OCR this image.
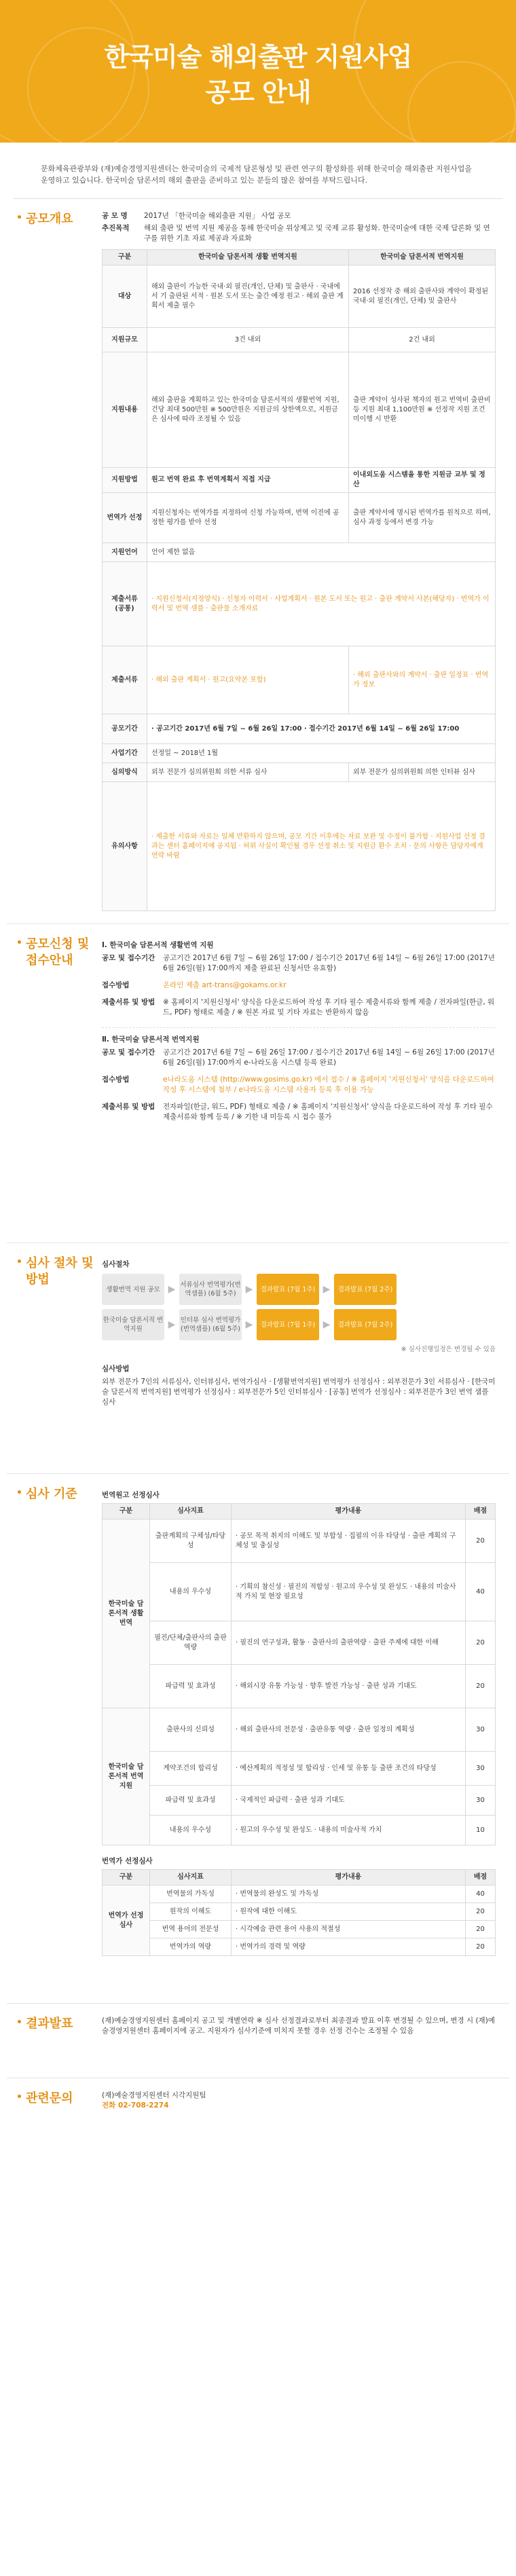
한국미술 해외출판 지원사업
공모 안내

문화체육관광부와 (재)예술경영지원센터는 한국미술의 국제적 담론형성 및 관련 연구의 활성화를 위해 한국미술 해외출판 지원사업을 운영하고 있습니다. 한국미술 담론서의 해외 출판을 준비하고 있는 분들의 많은 참여를 부탁드립니다.

공모개요	공 모 명	2017년 「한국미술 해외출판 지원」 사업 공모
추진목적	해외 출판 및 번역 지원 제공을 통해 한국미술 위상제고 및 국제 교류 활성화. 한국미술에 대한 국제 담론화 및 연구를 위한 기초 자료 제공과 자료화
구분	한국미술 담론서적 생활 번역지원	한국미술 담론서적 번역지원
대상	해외 출판이 가능한 국내·외 필진(개인, 단체) 및 출판사 · 국내에서 기 출판된 서적 · 원본 도서 또는 출간 예정 원고 · 해외 출판 계획서 제출 필수	2016 선정작 중 해외 출판사와 계약이 확정된 국내·외 필진(개인, 단체) 및 출판사
지원규모	3건 내외	2건 내외
지원내용	해외 출판을 계획하고 있는 한국미술 담론서적의 생활번역 지원, 건당 최대 500만원 ※ 500만원은 지원금의 상한액으로, 지원금은 심사에 따라 조정될 수 있음	출판 계약이 성사된 책자의 원고 번역비 출판비 등 지원 최대 1,100만원 ※ 선정작 지원 조건 미이행 시 반환
지원방법	원고 번역 완료 후 번역계획서 직접 지급	이내외도움 시스템을 통한 지원금 교부 및 정산
번역가 선정	지원신청자는 번역가를 지정하여 신청 가능하며, 번역 이전에 공정한 평가를 받아 선정	출판 계약서에 명시된 번역가를 원칙으로 하며, 심사 과정 등에서 변경 가능
지원언어	언어 제한 없음	
제출서류 (공통)	· 지원신청서(지정양식) · 신청자 이력서 · 사업계획서 · 원본 도서 또는 원고 · 출판 계약서 사본(해당자) · 번역가 이력서 및 번역 샘플 · 출판물 소개자료	
제출서류	· 해외 출판 계획서 · 원고(요약본 포함)	· 해외 출판사와의 계약서 · 출판 일정표 · 번역가 정보
공모기간	· 공고기간 2017년 6월 7일 ~ 6월 26일 17:00 · 접수기간 2017년 6월 14일 ~ 6월 26일 17:00	
사업기간	선정일 ~ 2018년 1월	
심의방식	외부 전문가 심의위원회 의한 서류 심사	외부 전문가 심의위원회 의한 인터뷰 심사
유의사항	· 제출한 서류와 자료는 일체 반환하지 않으며, 공모 기간 이후에는 자료 보완 및 수정이 불가함 · 지원사업 선정 결과는 센터 홈페이지에 공지됨 · 허위 사실이 확인될 경우 선정 취소 및 지원금 환수 조치 · 문의 사항은 담당자에게 연락 바람	
공모신청 및 접수안내
Ⅰ. 한국미술 담론서적 생활번역 지원
공모 및 접수기간	공고기간 2017년 6월 7일 ~ 6월 26일 17:00 / 접수기간 2017년 6월 14일 ~ 6월 26일 17:00 (2017년 6월 26일(월) 17:00까지 제출 완료된 신청서만 유효함)
접수방법	온라인 제출 art-trans@gokams.or.kr
제출서류 및 방법	※ 홈페이지 '지원신청서' 양식을 다운로드하여 작성 후 기타 필수 제출서류와 함께 제출 / 전자파일(한글, 워드, PDF) 형태로 제출 / ※ 원본 자료 및 기타 자료는 반환하지 않음
Ⅱ. 한국미술 담론서적 번역지원
공모 및 접수기간	공고기간 2017년 6월 7일 ~ 6월 26일 17:00 / 접수기간 2017년 6월 14일 ~ 6월 26일 17:00 (2017년 6월 26일(월) 17:00까지 e-나라도움 시스템 등록 완료)
접수방법	e나라도움 시스템 (http://www.gosims.go.kr) 에서 접수 / ※ 홈페이지 '지원신청서' 양식을 다운로드하여 작성 후 시스템에 첨부 / e나라도움 시스템 사용자 등록 후 이용 가능
제출서류 및 방법	전자파일(한글, 워드, PDF) 형태로 제출 / ※ 홈페이지 '지원신청서' 양식을 다운로드하여 작성 후 기타 필수 제출서류와 함께 등록 / ※ 기한 내 미등록 시 접수 불가
심사 절차 및 방법
심사절차
생활번역 지원 공모 ▶ 서류심사 번역평가(번역샘플) (6월 5주)	▶	결과발표 (7월 1주) ▶	결과발표 (7월 2주)
한국미술 담론서적 번역지원	▶ 인터뷰 심사 번역평가(번역샘플) (6월 5주) ▶	결과발표 (7월 1주) ▶	결과발표 (7월 2주)
※ 심사진행일정은 변경될 수 있음
심사방법
외부 전문가 7인의 서류심사, 인터뷰심사, 번역가심사 · [생활번역지원] 번역평가 선정심사 : 외부전문가 3인 서류심사 · [한국미술 담론서적 번역지원] 번역평가 선정심사 : 외부전문가 5인 인터뷰심사 · [공통] 번역가 선정심사 : 외부전문가 3인 번역 샘플 심사
심사 기준	번역원고 선정심사
구분	심사지표	평가내용	배점
한국미술 담론서적 생활번역	출판계획의 구체성/타당성	· 공모 목적 취지의 이해도 및 부합성 · 집필의 이유 타당성 · 출판 계획의 구체성 및 충실성	20
	내용의 우수성	· 기획의 참신성 · 필진의 적합성 · 원고의 우수성 및 완성도 · 내용의 미술사적 가치 및 현장 필요성	40
	필진/단체/출판사의 출판역량	· 필진의 연구성과, 활동 · 출판사의 출판역량 · 출판 주제에 대한 이해	20
	파급력 및 효과성	· 해외시장 유통 가능성 · 향후 발전 가능성 · 출판 성과 기대도	20
한국미술 담론서적 번역지원	출판사의 신뢰성	· 해외 출판사의 전문성 · 출판유통 역량 · 출판 일정의 계획성	30
	계약조건의 합리성	· 예산계획의 적정성 및 합리성 · 인세 및 유통 등 출판 조건의 타당성	30
	파급력 및 효과성	· 국제적인 파급력 · 출판 성과 기대도	30
	내용의 우수성	· 원고의 우수성 및 완성도 · 내용의 미술사적 가치	10
번역가 선정심사
구분	심사지표	평가내용	배점
번역가 선정심사	번역물의 가독성	· 번역물의 완성도 및 가독성	40
	원작의 이해도	· 원작에 대한 이해도	20
	번역 용어의 전문성	· 시각예술 관련 용어 사용의 적절성	20
	번역가의 역량	· 번역가의 경력 및 역량	20
결과발표	(재)예술경영지원센터 홈페이지 공고 및 개별연락 ※ 심사 선정결과로부터 최종결과 발표 이후 변경될 수 있으며, 변경 시 (재)예술경영지원센터 홈페이지에 공고. 지원자가 심사기준에 미치지 못할 경우 선정 건수는 조정될 수 있음
관련문의	(재)예술경영지원센터 시각지원팀
전화 02-708-2274
